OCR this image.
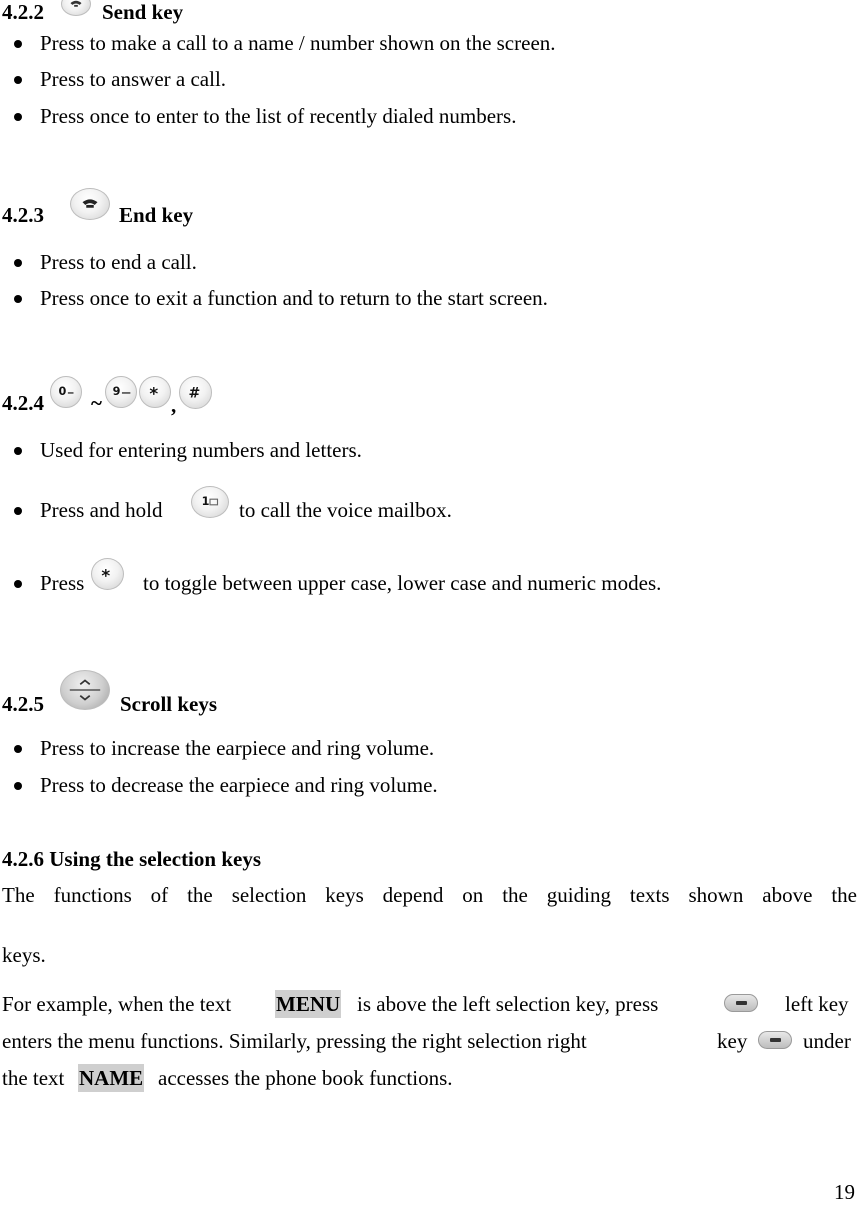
4.2.2	Send key
Press to make a call to a name / number shown on the screen.
Press to answer a call.
Press once to enter to the list of recently dialed numbers.
4.2.3	End key
Press to end a call.
Press once to exit a function and to return to the start screen.
4.2.4 0 ~ 9 * , #
Used for entering numbers and letters.
Press and hold	1 to call the voice mailbox.
Press * to toggle between upper case, lower case and numeric modes.
4.2.5	Scroll keys
Press to increase the earpiece and ring volume.
Press to decrease the earpiece and ring volume.
4.2.6 Using the selection keys
The functions of the selection keys depend on the guiding texts shown above the
keys.
For example, when the text MENU is above the left selection key, press	left key
enters the menu functions. Similarly, pressing the right selection right	key	under
the text NAME accesses the phone book functions.
19
